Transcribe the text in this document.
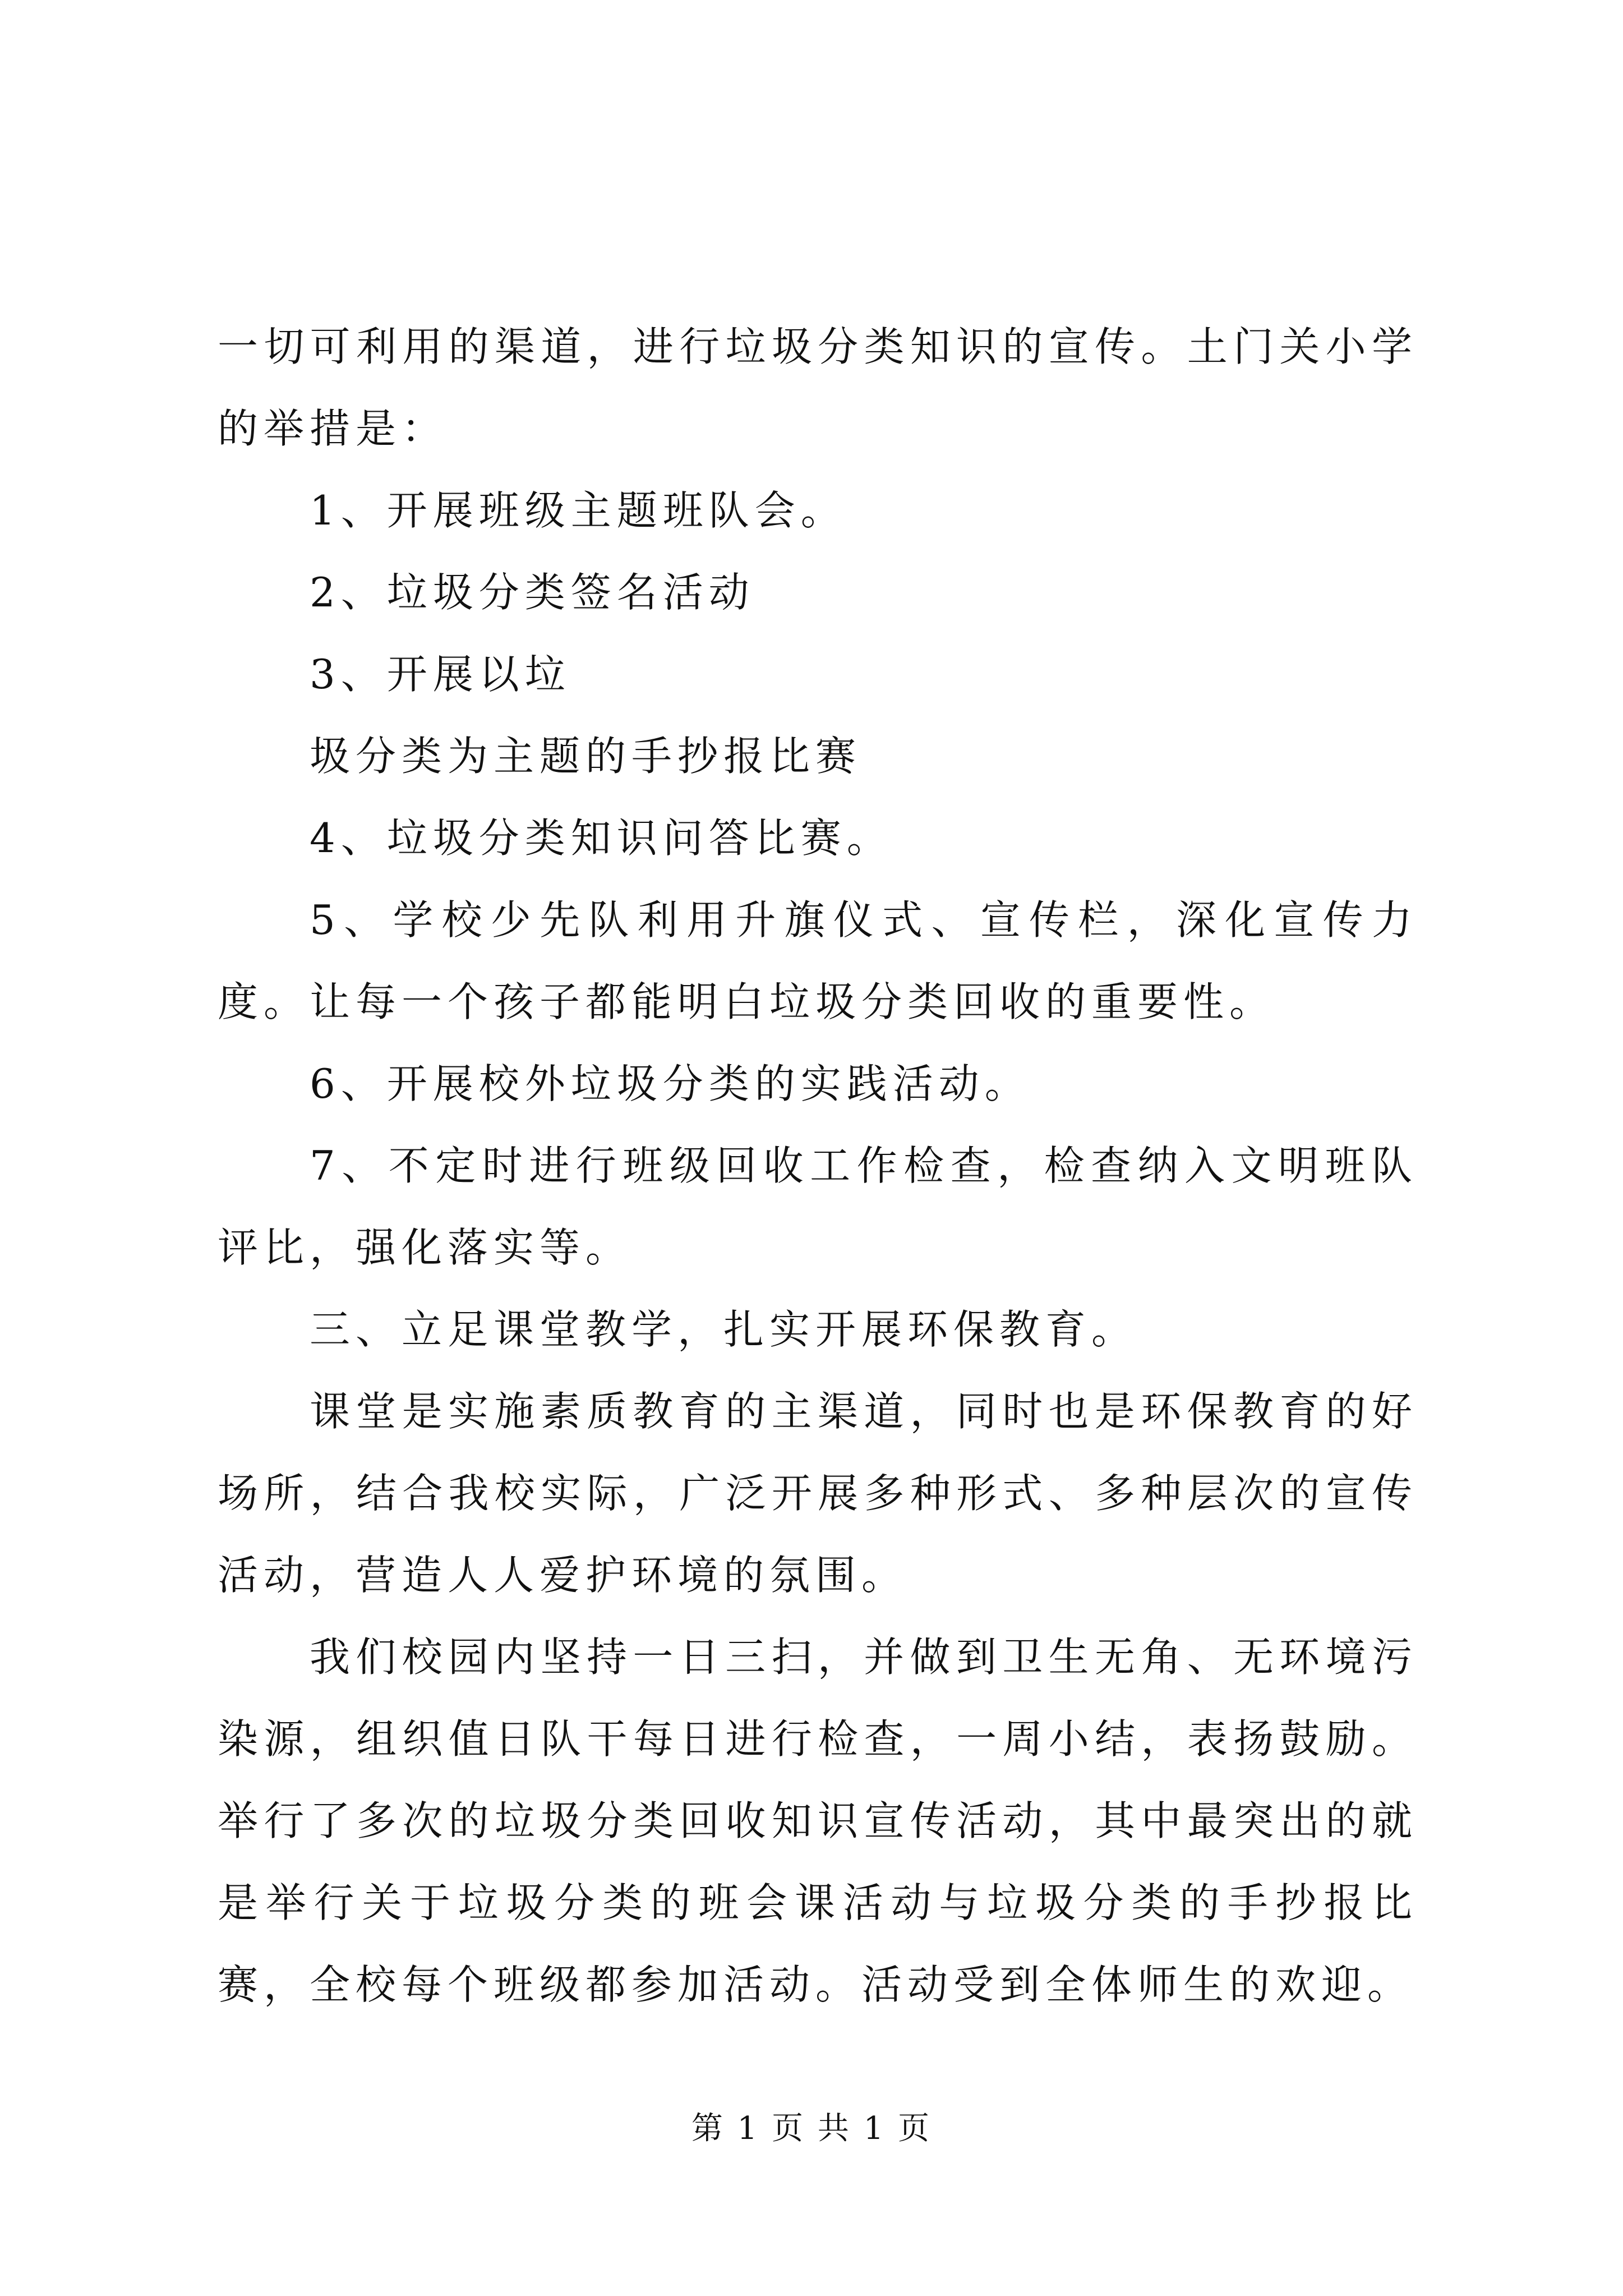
一切可利用的渠道，进行垃圾分类知识的宣传。土门关小学的举措是：

1、开展班级主题班队会。

2、垃圾分类签名活动

3、开展以垃

圾分类为主题的手抄报比赛

4、垃圾分类知识问答比赛。

5、学校少先队利用升旗仪式、宣传栏，深化宣传力度。让每一个孩子都能明白垃圾分类回收的重要性。

6、开展校外垃圾分类的实践活动。

7、不定时进行班级回收工作检查，检查纳入文明班队评比，强化落实等。

三、立足课堂教学，扎实开展环保教育。

课堂是实施素质教育的主渠道，同时也是环保教育的好场所，结合我校实际，广泛开展多种形式、多种层次的宣传活动，营造人人爱护环境的氛围。

我们校园内坚持一日三扫，并做到卫生无角、无环境污染源，组织值日队干每日进行检查，一周小结，表扬鼓励。举行了多次的垃圾分类回收知识宣传活动，其中最突出的就是举行关于垃圾分类的班会课活动与垃圾分类的手抄报比赛，全校每个班级都参加活动。活动受到全体师生的欢迎。

第 1 页 共 1 页
